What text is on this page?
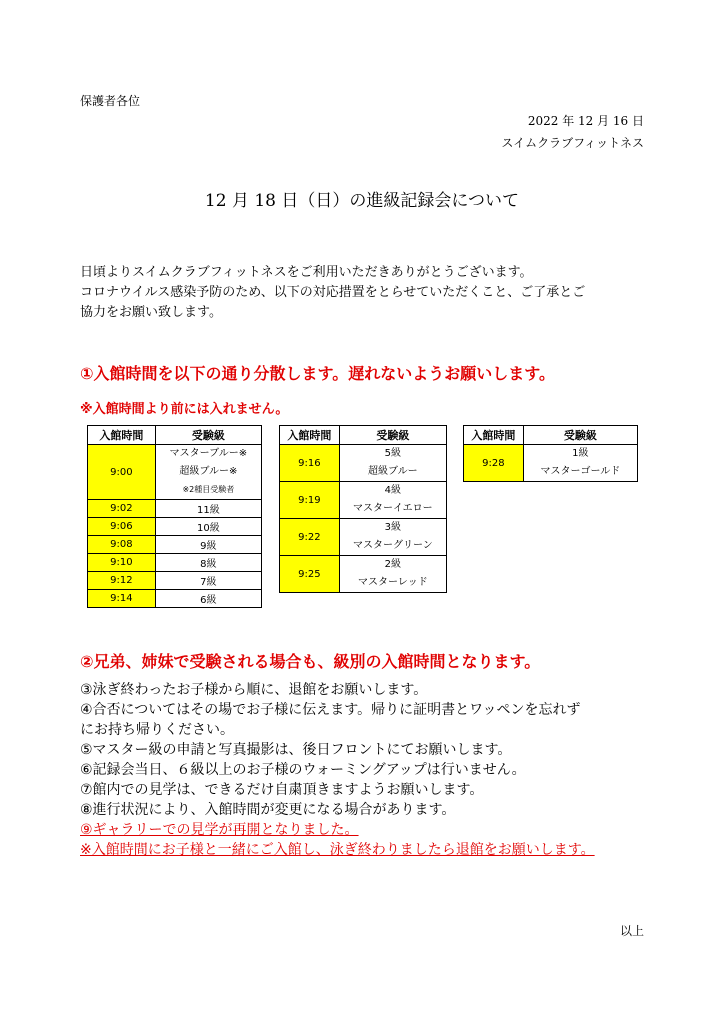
保護者各位
2022 年 12 月 16 日
スイムクラブフィットネス
12 月 18 日（日）の進級記録会について
日頃よりスイムクラブフィットネスをご利用いただきありがとうございます。
コロナウイルス感染予防のため、以下の対応措置をとらせていただくこと、ご了承とご
協力をお願い致します。
①入館時間を以下の通り分散します。遅れないようお願いします。
※入館時間より前には入れません。
入館時間	受験級
9:00	マスターブルー※
超級ブルー※
※2種目受験者

9:02	11級
9:06	10級
9:08	9級
9:10	8級
9:12	7級
9:14	6級
入館時間	受験級
9:16	5級
超級ブルー

9:19	4級
マスターイエロー

9:22	3級
マスターグリーン

9:25	2級
マスターレッド
入館時間	受験級
9:28	1級
マスターゴールド
②兄弟、姉妹で受験される場合も、級別の入館時間となります。
③泳ぎ終わったお子様から順に、退館をお願いします。
④合否についてはその場でお子様に伝えます。帰りに証明書とワッペンを忘れず
にお持ち帰りください。
⑤マスター級の申請と写真撮影は、後日フロントにてお願いします。
⑥記録会当日、６級以上のお子様のウォーミングアップは行いません。
⑦館内での見学は、できるだけ自粛頂きますようお願いします。
⑧進行状況により、入館時間が変更になる場合があります。
⑨ギャラリーでの見学が再開となりました。
※入館時間にお子様と一緒にご入館し、泳ぎ終わりましたら退館をお願いします。
以上
